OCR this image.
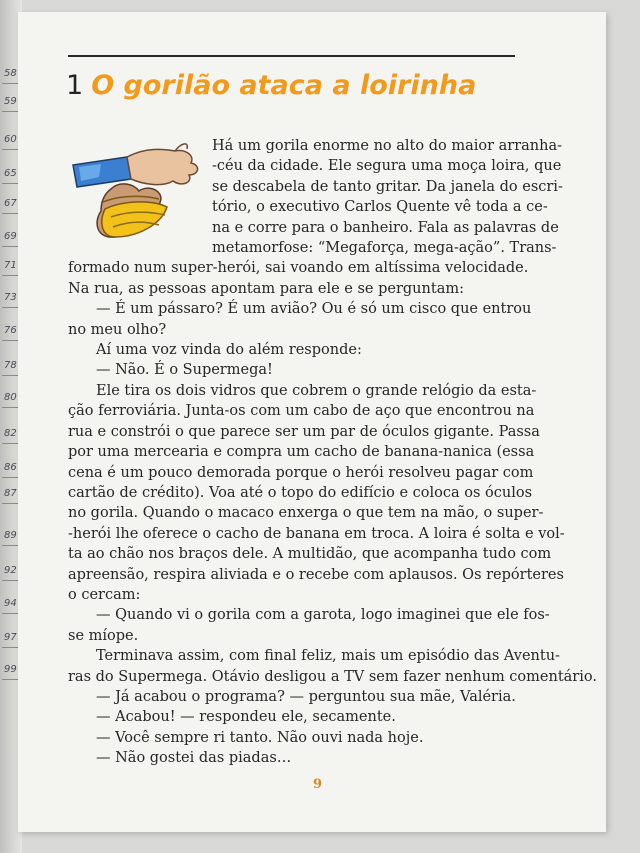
58
59
60
65
67
69
71
73
76
78
80
82
86
87
89
92
94
97
99
1 O gorilão ataca a loirinha

Há um gorila enorme no alto do maior arranha-

-céu da cidade. Ele segura uma moça loira, que

se descabela de tanto gritar. Da janela do escri-

tório, o executivo Carlos Quente vê toda a ce-

na e corre para o banheiro. Fala as palavras de

metamorfose: “Megaforça, mega-ação”. Trans-

formado num super-herói, sai voando em altíssima velocidade.

Na rua, as pessoas apontam para ele e se perguntam:

— É um pássaro? É um avião? Ou é só um cisco que entrou

no meu olho?

Aí uma voz vinda do além responde:

— Não. É o Supermega!

Ele tira os dois vidros que cobrem o grande relógio da esta-

ção ferroviária. Junta-os com um cabo de aço que encontrou na

rua e constrói o que parece ser um par de óculos gigante. Passa

por uma mercearia e compra um cacho de banana-nanica (essa

cena é um pouco demorada porque o herói resolveu pagar com

cartão de crédito). Voa até o topo do edifício e coloca os óculos

no gorila. Quando o macaco enxerga o que tem na mão, o super-

-herói lhe oferece o cacho de banana em troca. A loira é solta e vol-

ta ao chão nos braços dele. A multidão, que acompanha tudo com

apreensão, respira aliviada e o recebe com aplausos. Os repórteres

o cercam:

— Quando vi o gorila com a garota, logo imaginei que ele fos-

se míope.

Terminava assim, com final feliz, mais um episódio das Aventu-

ras do Supermega. Otávio desligou a TV sem fazer nenhum comentário.

— Já acabou o programa? — perguntou sua mãe, Valéria.

— Acabou! — respondeu ele, secamente.

— Você sempre ri tanto. Não ouvi nada hoje.

— Não gostei das piadas…

9
